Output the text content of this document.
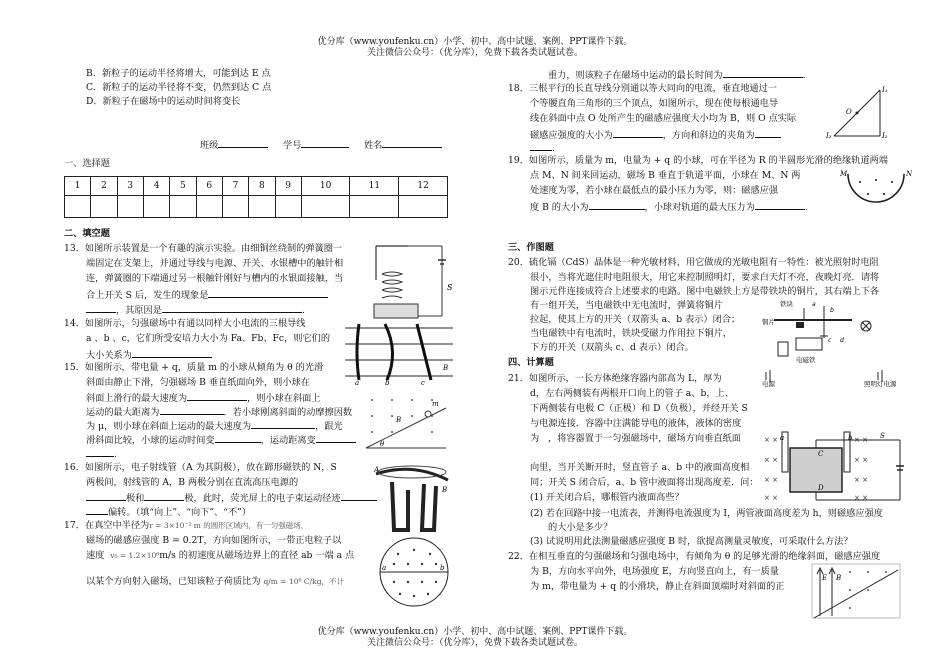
优分库（www.youfenku.cn）小学、初中、高中试题、案例、PPT课件下载。
关注微信公众号：（优分库），免费下载各类试题试卷。
B．新粒子的运动半径将增大，可能到达 E 点
C．新粒子的运动半径将不变，仍然到达 C 点
D．新粒子在磁场中的运动时间将变长
班级	学号	姓名
一、选择题
1	2	3	4	5	6	7	8	9	10	11	12

二、填空题
13．如图所示装置是一个有趣的演示实验。由细铜丝绕制的弹簧圈一
端固定在支架上，并通过导线与电源、开关、水银槽中的触针相
连，弹簧圈的下端通过另一根触针刚好与槽内的水银面接触，当
合上开关 S 后，发生的现象是
，其原因是	.
14．如图所示，匀强磁场中有通以同样大小电流的三根导线
a 、b 、c，它们所受安培力大小为 Fa、Fb、Fc，则它们的
大小关系为
15．如图所示，带电量 + q，质量 m 的小球从倾角为 θ 的光滑
斜面由静止下滑，匀强磁场 B 垂直纸面向外，则小球在
斜面上滑行的最大速度为	，则小球在斜面上
运动的最大距离为	．若小球刚离斜面的动摩擦因数
为 μ，则小球在斜面上运动的最大速度为	，跟光
滑斜面比较，小球的运动时间变	，运动距离变
.
16．如图所示，电子射线管（A 为其阴极），放在蹄形磁铁的 N，S
两极间，射线管的 A，B 两极分别在直流高压电源的
极和	极，此时，荧光屏上的电子束运动径迹
偏转。（填“向上”、“向下”、“不”）
17．在真空中半径为r = 3×10⁻² m 的圆形区域内，有一匀强磁场，
磁场的磁感应强度 B = 0.2T，方向如图所示，一带正电粒子以
速度 v₀ = 1.2×10⁶m/s 的初速度从磁场边界上的直径 ab 一端 a 点
以某个方向射入磁场，已知该粒子荷质比为 q/m = 10⁸ C/kg，不计
S
a	b	c
B
B
m
θ
A
B
a	b
重力，则该粒子在磁场中运动的最长时间为	.
18．三根平行的长直导线分别通以等大同向的电流，垂直地通过一
个等腰直角三角形的三个顶点，如图所示，现在使每根通电导
线在斜面中点 O 处所产生的磁感应强度大小均为 B，则 O 点实际
磁感应强度的大小为	，方向和斜边的夹角为
.
I₁
I₂
I₃
O
19．如图所示，质量为 m，电量为 + q 的小球，可在半径为 R 的半圆形光滑的绝缘轨道两端
点 M、N 间来回运动，磁场 B 垂直于轨道平面，小球在 M、N 两
处速度为零，若小球在最低点的最小压力为零，则：磁感应强
度 B 的大小为	，小球对轨道的最大压力为	.
M	N
三、作图题
20．硫化镉（CdS）晶体是一种光敏材料，用它做成的光敏电阻有一特性：被光照射时电阻
很小，当将光遮住时电阻很大，用它来控制照明灯，要求白天灯不亮，夜晚灯亮．请将
图示元件连接成符合上述要求的电路。图中电磁铁上方是带铁块的铜片，其右端上下各
有一组开关，当电磁铁中无电流时，弹簧将铜片
拉起，使其上方的开关（双箭头 a、b 表示）闭合；
当电磁铁中有电流时，铁块受磁力作用拉下铜片，
下方的开关（双箭头 c、d 表示）闭合。
铁块
铜片
a
b
c d
电磁铁
电源	照明灯电源
四、计算题
21．如图所示，一长方体绝缘容器内部高为 L，厚为
d，左右两侧装有两根开口向上的管子 a、b，上、
下两侧装有电极 C（正极）和 D（负极），并经开关 S
与电源连接．容器中注满能导电的液体，液体的密度
为 ，将容器置于一匀强磁场中，磁场方向垂直纸面
向里，当开关断开时，竖直管子 a、b 中的液面高度相
同；开关 S 闭合后，a、b 管中液面将出现高度差．问：
(1) 开关闭合后，哪根管内液面高些？
(2) 若在回路中接一电流表，并测得电流强度为 I，两管液面高度差为 h，则磁感应强度
的大小是多少？
(3) 试说明用此法测量磁感应强度 B 时，欲提高测量灵敏度，可采取什么方法？
× ×
× ×
× ×
× ×
× ×
× ×
× ×
× ×
a	b
C
D
S
22．在相互垂直的匀强磁场和匀强电场中，有倾角为 θ 的足够光滑的绝缘斜面，磁感应强度
为 B，方向水平向外，电场强度 E，方向竖直向上，有一质量
为 m，带电量为 + q 的小滑块，静止在斜面顶端时对斜面的正
E B
优分库（www.youfenku.cn）小学、初中、高中试题、案例、PPT课件下载。
关注微信公众号：（优分库），免费下载各类试题试卷。
